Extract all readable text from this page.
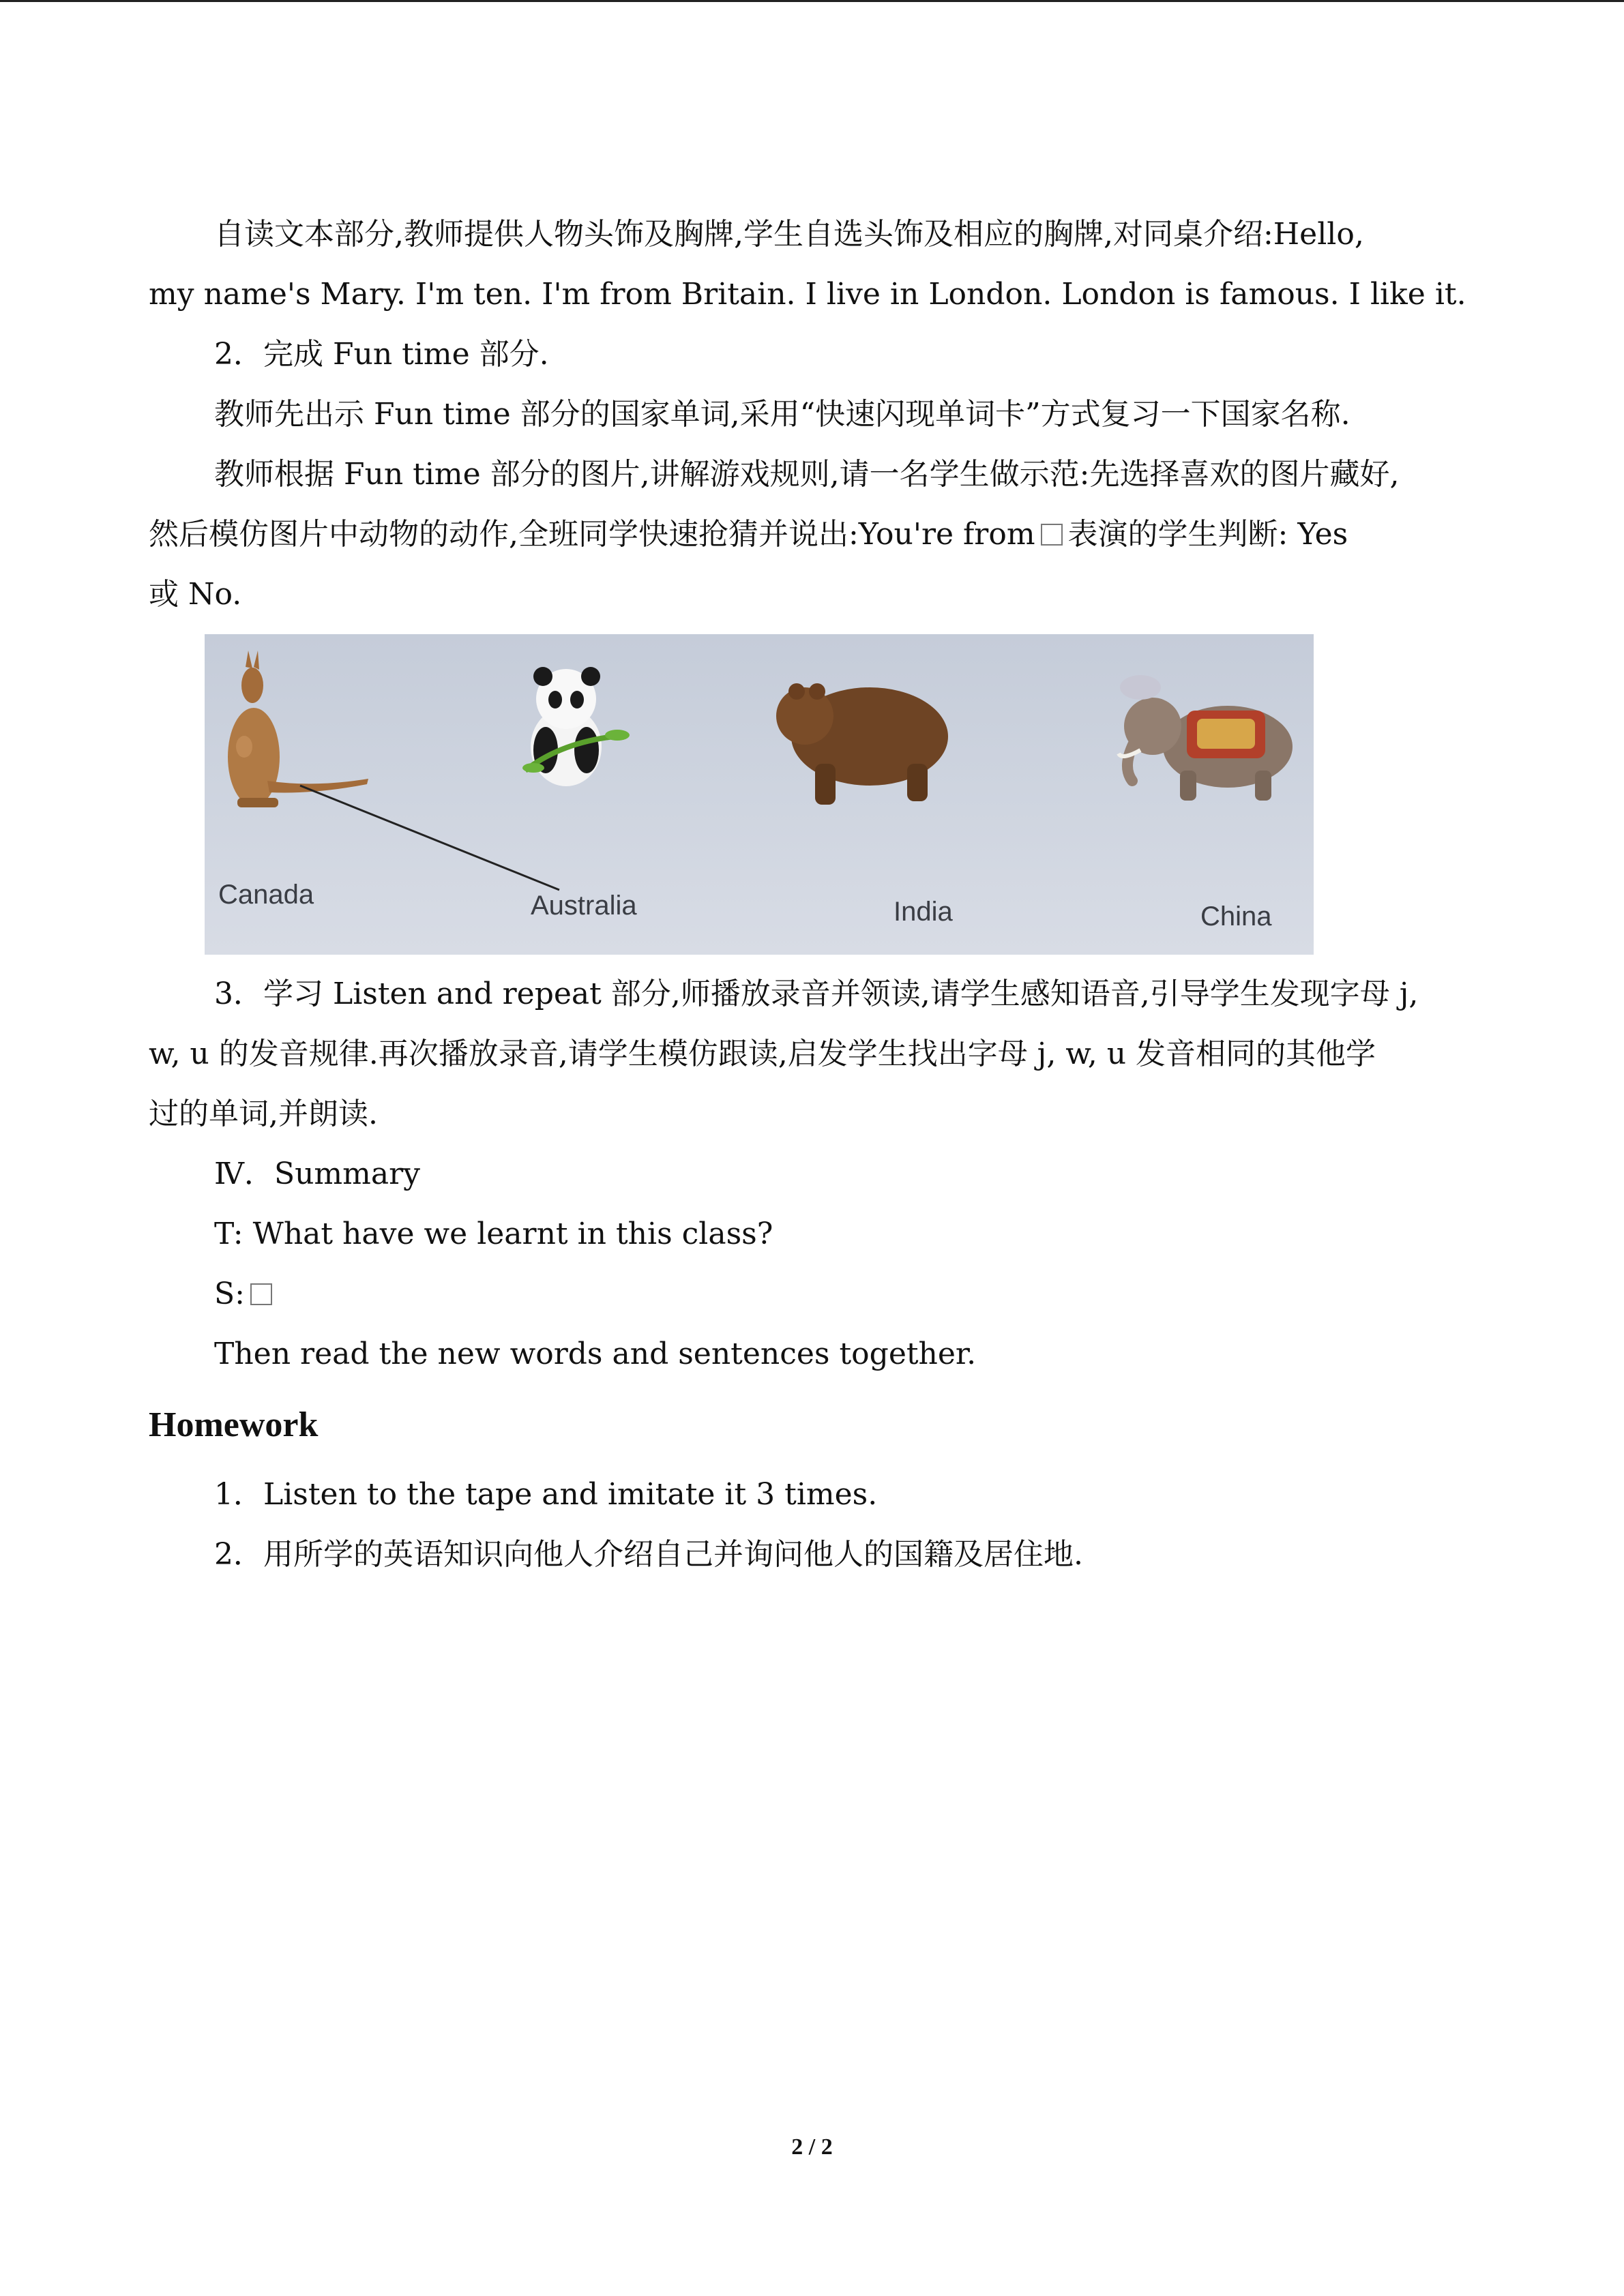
自读文本部分,教师提供人物头饰及胸牌,学生自选头饰及相应的胸牌,对同桌介绍:Hello,

my name's Mary. I'm ten. I'm from Britain. I live in London. London is famous. I like it.

2．完成 Fun time 部分.

教师先出示 Fun time 部分的国家单词,采用“快速闪现单词卡”方式复习一下国家名称.

教师根据 Fun time 部分的图片,讲解游戏规则,请一名学生做示范:先选择喜欢的图片藏好,

然后模仿图片中动物的动作,全班同学快速抢猜并说出:You're from 表演的学生判断: Yes

或 No.

Canada	Australia	India	China

3．学习 Listen and repeat 部分,师播放录音并领读,请学生感知语音,引导学生发现字母 j,

w, u 的发音规律.再次播放录音,请学生模仿跟读,启发学生找出字母 j, w, u 发音相同的其他学

过的单词,并朗读.

Ⅳ．Summary

T: What have we learnt in this class?

S:

Then read the new words and sentences together.

Homework

1．Listen to the tape and imitate it 3 times.

2．用所学的英语知识向他人介绍自己并询问他人的国籍及居住地.

2 / 2
